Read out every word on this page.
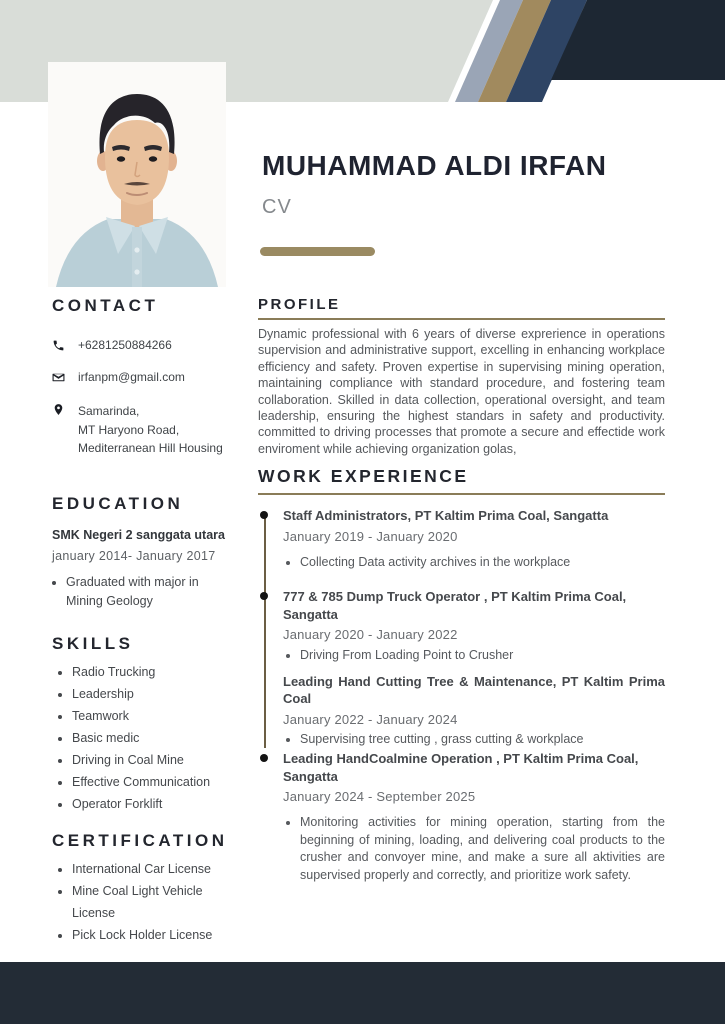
MUHAMMAD ALDI IRFAN
CV
CONTACT
+6281250884266
irfanpm@gmail.com
Samarinda,
MT Haryono Road,
Mediterranean Hill Housing
EDUCATION
SMK Negeri 2 sanggata utara
january 2014- January 2017
• Graduated with major in Mining Geology
SKILLS
• Radio Trucking
• Leadership
• Teamwork
• Basic medic
• Driving in Coal Mine
• Effective Communication
• Operator Forklift
CERTIFICATION
• International Car License
• Mine Coal Light Vehicle License
• Pick Lock Holder License
PROFILE

Dynamic professional with 6 years of diverse exprerience in operations supervision and administrative support, excelling in enhancing workplace efficiency and safety. Proven expertise in supervising mining operation, maintaining compliance with standard procedure, and fostering team collaboration. Skilled in data collection, operational oversight, and team leadership, ensuring the highest standars in safety and productivity. committed to driving processes that promote a secure and effectide work enviroment while achieving organization golas,

WORK EXPERIENCE
Staff Administrators, PT Kaltim Prima Coal, Sangatta
January 2019 - January 2020
• Collecting Data activity archives in the workplace
777 & 785 Dump Truck Operator , PT Kaltim Prima Coal, Sangatta
January 2020 - January 2022
• Driving From Loading Point to Crusher
Leading Hand Cutting Tree & Maintenance, PT Kaltim Prima Coal
January 2022 - January 2024
• Supervising tree cutting , grass cutting & workplace
Leading HandCoalmine Operation , PT Kaltim Prima Coal, Sangatta
January 2024 - September 2025
• Monitoring activities for mining operation, starting from the beginning of mining, loading, and delivering coal products to the crusher and convoyer mine, and make a sure all aktivities are supervised properly and correctly, and prioritize work safety.
